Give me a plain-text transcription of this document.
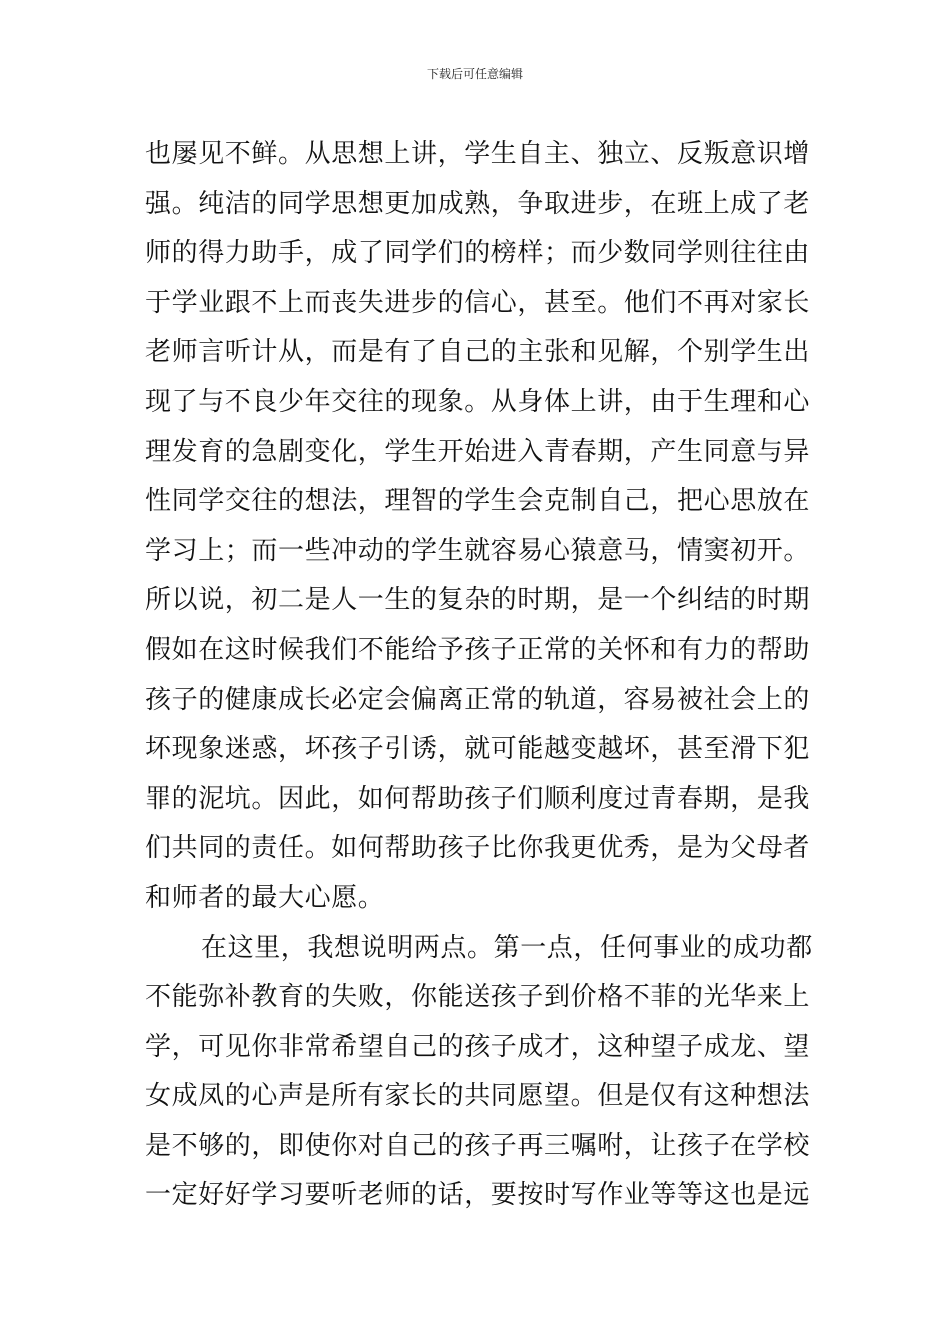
下载后可任意编辑
也屡见不鲜。从思想上讲，学生自主、独立、反叛意识增
强。纯洁的同学思想更加成熟，争取进步，在班上成了老
师的得力助手，成了同学们的榜样；而少数同学则往往由
于学业跟不上而丧失进步的信心，甚至。他们不再对家长
老师言听计从，而是有了自己的主张和见解，个别学生出
现了与不良少年交往的现象。从身体上讲，由于生理和心
理发育的急剧变化，学生开始进入青春期，产生同意与异
性同学交往的想法，理智的学生会克制自己，把心思放在
学习上；而一些冲动的学生就容易心猿意马，情窦初开。
所以说，初二是人一生的复杂的时期，是一个纠结的时期
假如在这时候我们不能给予孩子正常的关怀和有力的帮助
孩子的健康成长必定会偏离正常的轨道，容易被社会上的
坏现象迷惑，坏孩子引诱，就可能越变越坏，甚至滑下犯
罪的泥坑。因此，如何帮助孩子们顺利度过青春期，是我
们共同的责任。如何帮助孩子比你我更优秀，是为父母者
和师者的最大心愿。
在这里，我想说明两点。第一点，任何事业的成功都
不能弥补教育的失败，你能送孩子到价格不菲的光华来上
学，可见你非常希望自己的孩子成才，这种望子成龙、望
女成凤的心声是所有家长的共同愿望。但是仅有这种想法
是不够的，即使你对自己的孩子再三嘱咐，让孩子在学校
一定好好学习要听老师的话，要按时写作业等等这也是远
